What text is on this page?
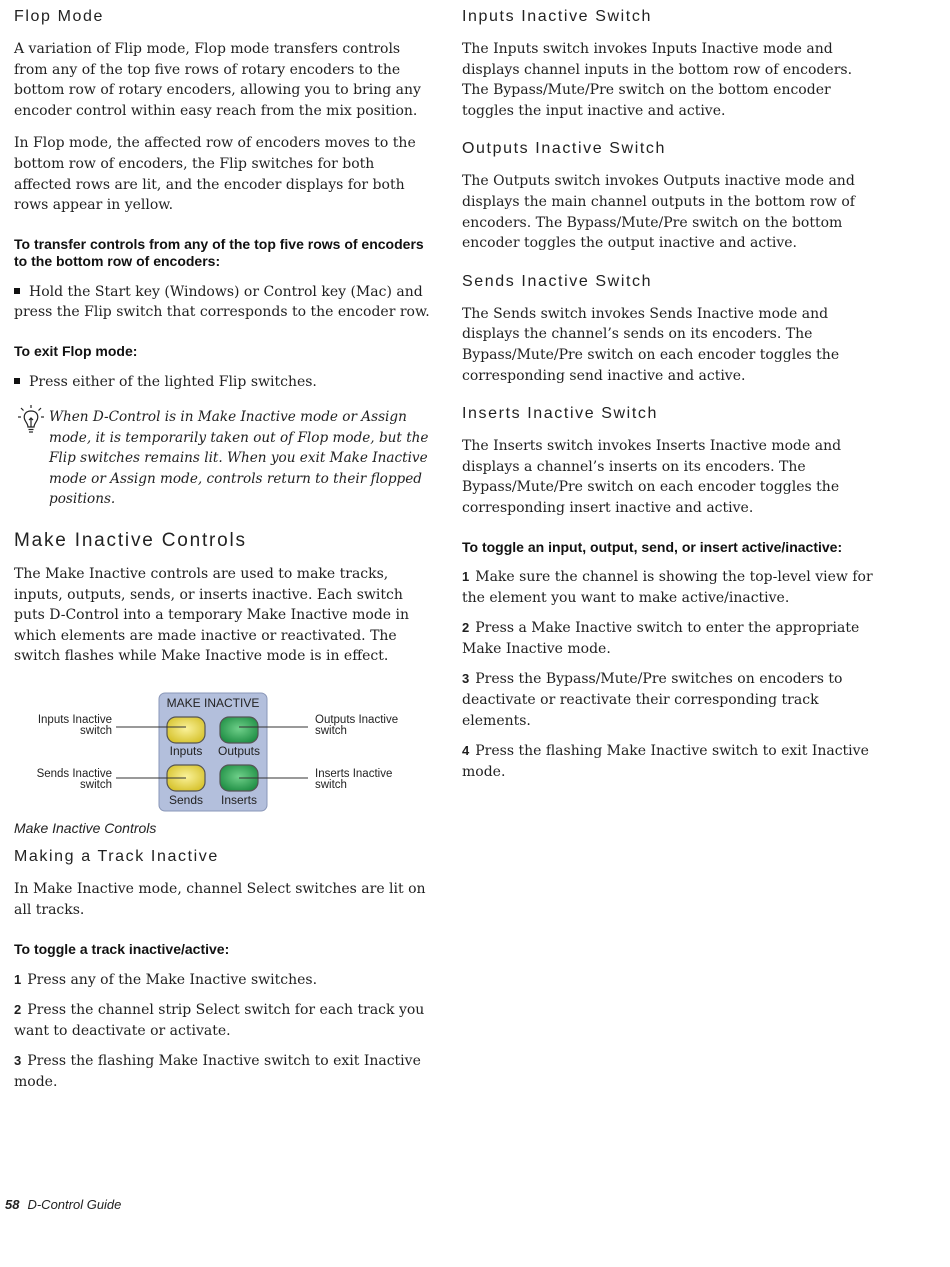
Flop Mode

A variation of Flip mode, Flop mode transfers controls from any of the top five rows of rotary encoders to the bottom row of rotary encoders, allowing you to bring any encoder control within easy reach from the mix position.

In Flop mode, the affected row of encoders moves to the bottom row of encoders, the Flip switches for both affected rows are lit, and the encoder displays for both rows appear in yellow.

To transfer controls from any of the top five rows of encoders to the bottom row of encoders:

Hold the Start key (Windows) or Control key (Mac) and press the Flip switch that corresponds to the encoder row.

To exit Flop mode:

Press either of the lighted Flip switches.

When D-Control is in Make Inactive mode or Assign mode, it is temporarily taken out of Flop mode, but the Flip switches remains lit. When you exit Make Inactive mode or Assign mode, controls return to their flopped positions.

Make Inactive Controls

The Make Inactive controls are used to make tracks, inputs, outputs, sends, or inserts inactive. Each switch puts D-Control into a temporary Make Inactive mode in which elements are made inactive or reactivated. The switch flashes while Make Inactive mode is in effect.

MAKE INACTIVE
Inputs Outputs
Sends Inserts
Inputs Inactive
switch
Outputs Inactive
switch
Sends Inactive
switch
Inserts Inactive
switch

Make Inactive Controls

Making a Track Inactive

In Make Inactive mode, channel Select switches are lit on all tracks.

To toggle a track inactive/active:

1 Press any of the Make Inactive switches.

2 Press the channel strip Select switch for each track you want to deactivate or activate.

3 Press the flashing Make Inactive switch to exit Inactive mode.

Inputs Inactive Switch

The Inputs switch invokes Inputs Inactive mode and displays channel inputs in the bottom row of encoders. The Bypass/Mute/Pre switch on the bottom encoder toggles the input inactive and active.

Outputs Inactive Switch

The Outputs switch invokes Outputs inactive mode and displays the main channel outputs in the bottom row of encoders. The Bypass/Mute/Pre switch on the bottom encoder toggles the output inactive and active.

Sends Inactive Switch

The Sends switch invokes Sends Inactive mode and displays the channel’s sends on its encoders. The Bypass/Mute/Pre switch on each encoder toggles the corresponding send inactive and active.

Inserts Inactive Switch

The Inserts switch invokes Inserts Inactive mode and displays a channel’s inserts on its encoders. The Bypass/Mute/Pre switch on each encoder toggles the corresponding insert inactive and active.

To toggle an input, output, send, or insert active/inactive:

1 Make sure the channel is showing the top-level view for the element you want to make active/inactive.

2 Press a Make Inactive switch to enter the appropriate Make Inactive mode.

3 Press the Bypass/Mute/Pre switches on encoders to deactivate or reactivate their corresponding track elements.

4 Press the flashing Make Inactive switch to exit Inactive mode.

58 D-Control Guide
